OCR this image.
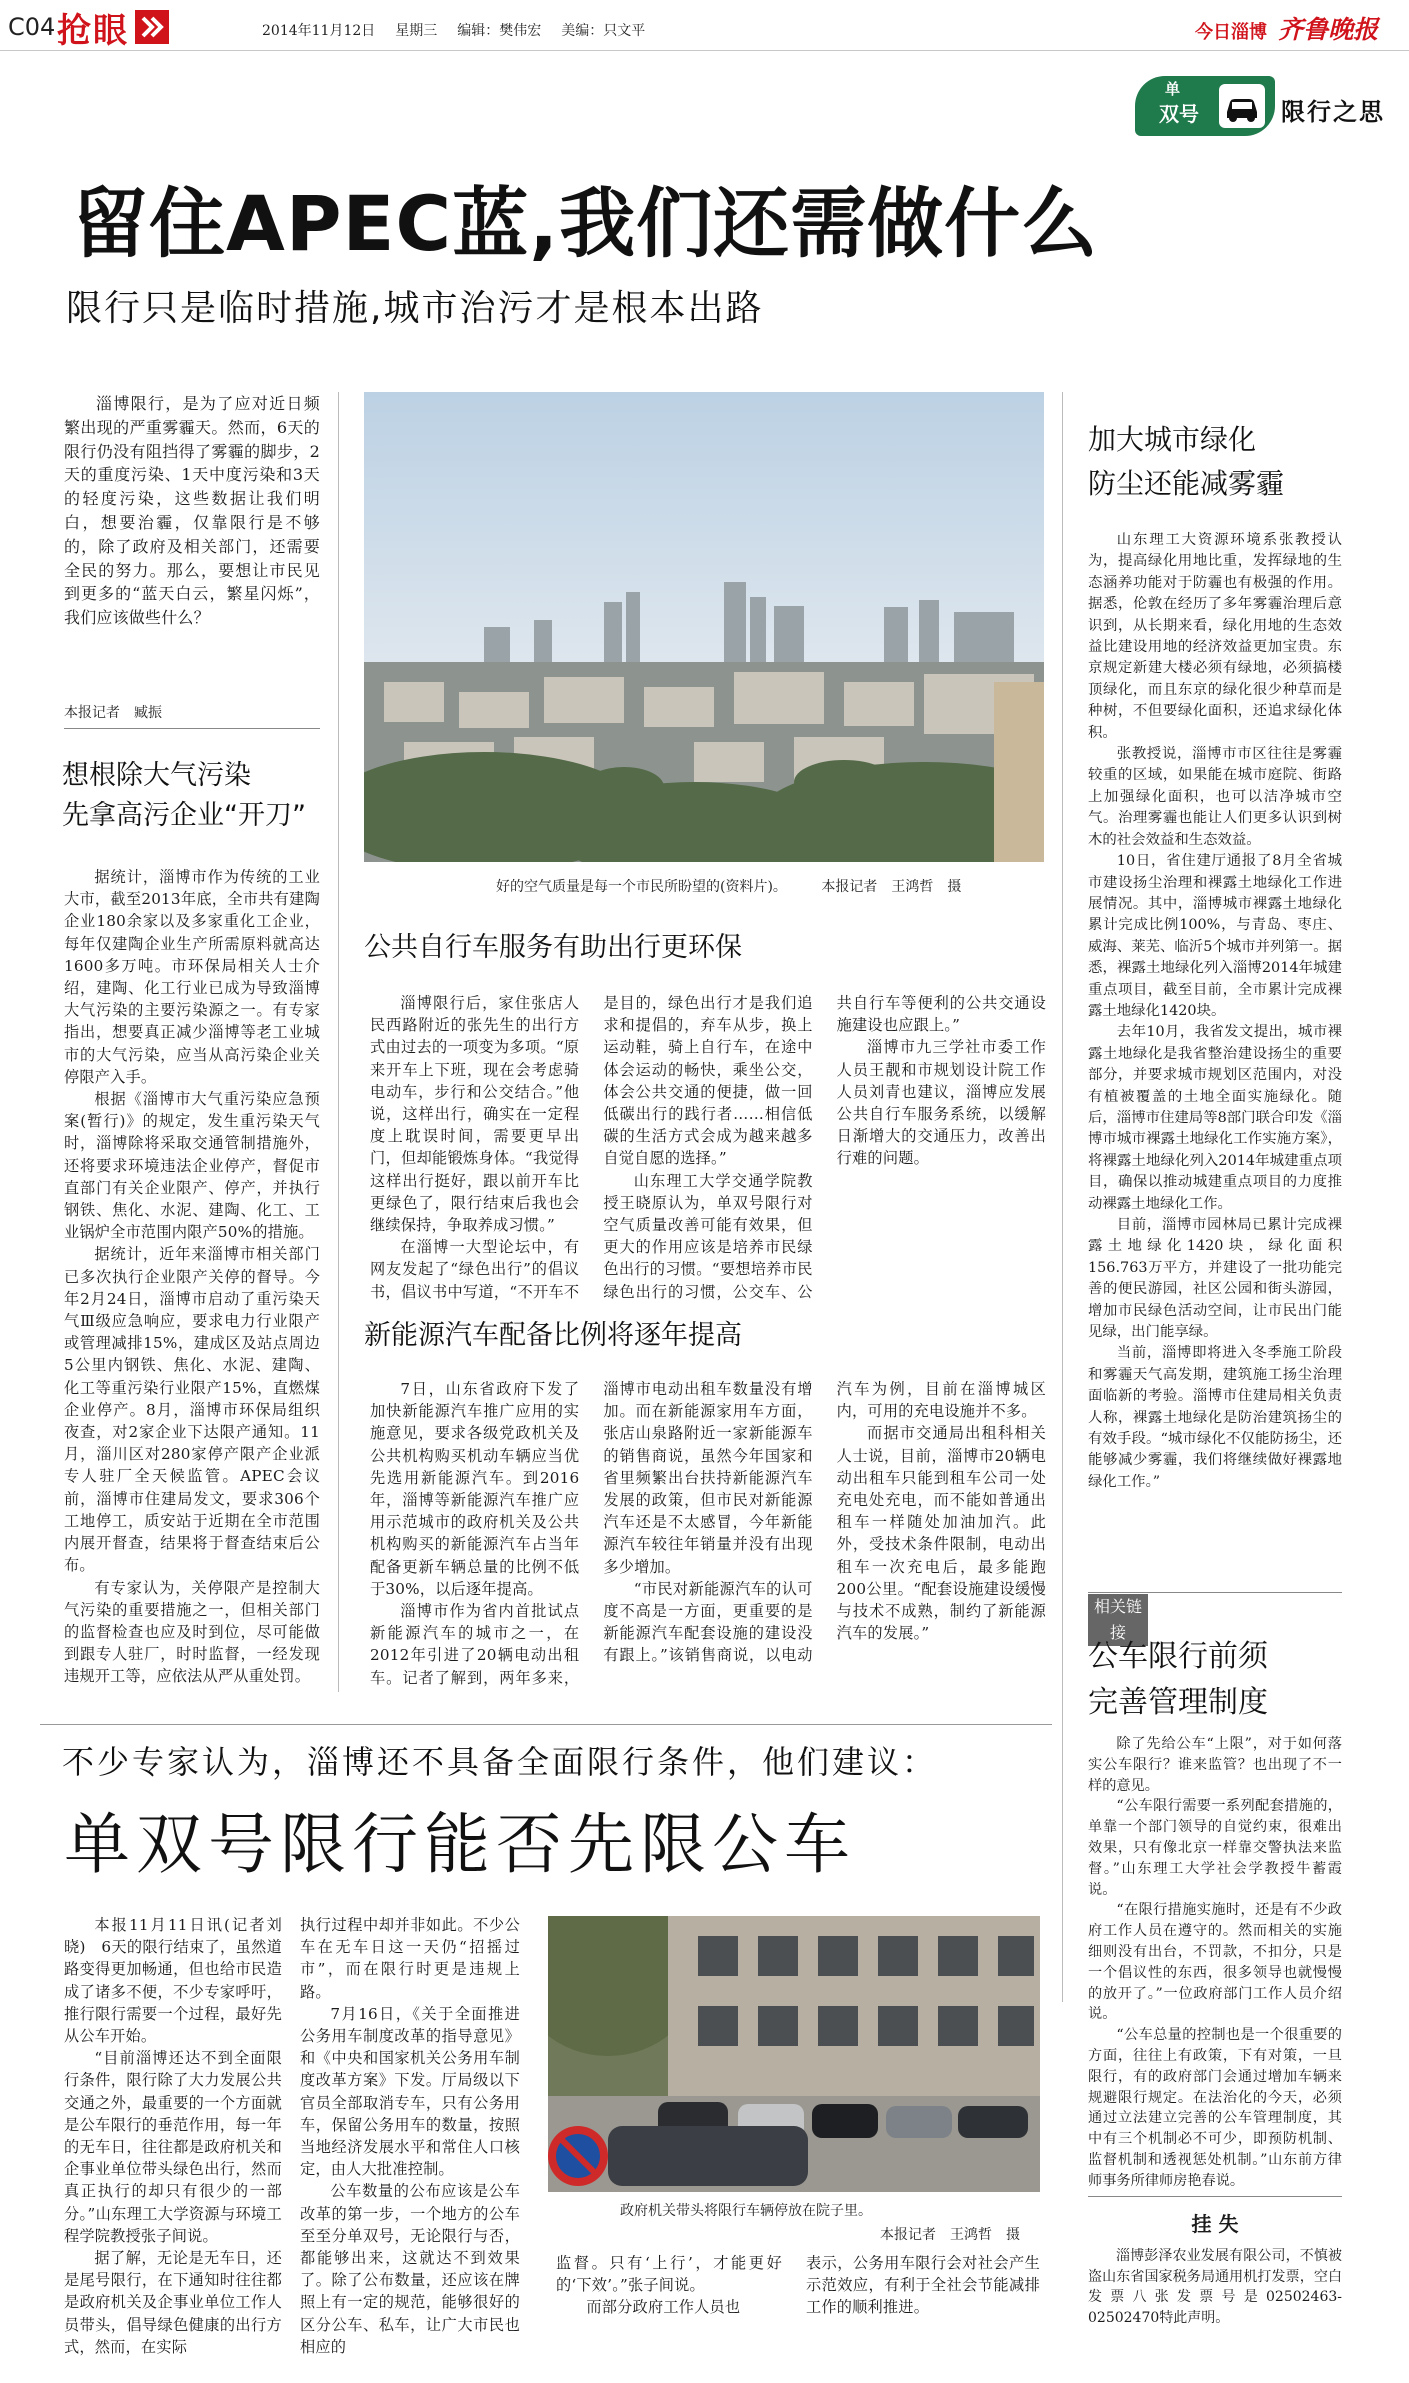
C04 抢眼	2014年11月12日 星期三 编辑：樊伟宏 美编：只文平	今日淄博 齐鲁晚报
单
双号	限行之思
留住APEC蓝,我们还需做什么
限行只是临时措施,城市治污才是根本出路

淄博限行，是为了应对近日频繁出现的严重雾霾天。然而，6天的限行仍没有阻挡得了雾霾的脚步，2天的重度污染、1天中度污染和3天的轻度污染，这些数据让我们明白，想要治霾，仅靠限行是不够的，除了政府及相关部门，还需要全民的努力。那么，要想让市民见到更多的“蓝天白云，繁星闪烁”，我们应该做些什么？

本报记者　臧振
想根除大气污染
先拿高污企业“开刀”

据统计，淄博市作为传统的工业大市，截至2013年底，全市共有建陶企业180余家以及多家重化工企业，每年仅建陶企业生产所需原料就高达1600多万吨。市环保局相关人士介绍，建陶、化工行业已成为导致淄博大气污染的主要污染源之一。有专家指出，想要真正减少淄博等老工业城市的大气污染，应当从高污染企业关停限产入手。

根据《淄博市大气重污染应急预案(暂行)》的规定，发生重污染天气时，淄博除将采取交通管制措施外，还将要求环境违法企业停产，督促市直部门有关企业限产、停产，并执行钢铁、焦化、水泥、建陶、化工、工业锅炉全市范围内限产50%的措施。

据统计，近年来淄博市相关部门已多次执行企业限产关停的督导。今年2月24日，淄博市启动了重污染天气Ⅲ级应急响应，要求电力行业限产或管理减排15%，建成区及站点周边5公里内钢铁、焦化、水泥、建陶、化工等重污染行业限产15%，直燃煤企业停产。8月，淄博市环保局组织夜查，对2家企业下达限产通知。11月，淄川区对280家停产限产企业派专人驻厂全天候监管。APEC会议前，淄博市住建局发文，要求306个工地停工，质安站于近期在全市范围内展开督查，结果将于督查结束后公布。

有专家认为，关停限产是控制大气污染的重要措施之一，但相关部门的监督检查也应及时到位，尽可能做到跟专人驻厂，时时监督，一经发现违规开工等，应依法从严从重处罚。

好的空气质量是每一个市民所盼望的(资料片)。 本报记者　王鸿哲　摄
公共自行车服务有助出行更环保

淄博限行后，家住张店人民西路附近的张先生的出行方式由过去的一项变为多项。“原来开车上下班，现在会考虑骑电动车，步行和公交结合。”他说，这样出行，确实在一定程度上耽误时间，需要更早出门，但却能锻炼身体。“我觉得这样出行挺好，跟以前开车比更绿色了，限行结束后我也会继续保持，争取养成习惯。”

在淄博一大型论坛中，有网友发起了“绿色出行”的倡议书，倡议书中写道，“不开车不是目的，绿色出行才是我们追求和提倡的，弃车从步，换上运动鞋，骑上自行车，在途中体会运动的畅快，乘坐公交，体会公共交通的便捷，做一回低碳出行的践行者……相信低碳的生活方式会成为越来越多自觉自愿的选择。”

山东理工大学交通学院教授王晓原认为，单双号限行对空气质量改善可能有效果，但更大的作用应该是培养市民绿色出行的习惯。“要想培养市民绿色出行的习惯，公交车、公共自行车等便利的公共交通设施建设也应跟上。”

淄博市九三学社市委工作人员王靓和市规划设计院工作人员刘青也建议，淄博应发展公共自行车服务系统，以缓解日渐增大的交通压力，改善出行难的问题。

新能源汽车配备比例将逐年提高

7日，山东省政府下发了加快新能源汽车推广应用的实施意见，要求各级党政机关及公共机构购买机动车辆应当优先选用新能源汽车。到2016年，淄博等新能源汽车推广应用示范城市的政府机关及公共机构购买的新能源汽车占当年配备更新车辆总量的比例不低于30%，以后逐年提高。

淄博市作为省内首批试点新能源汽车的城市之一，在2012年引进了20辆电动出租车。记者了解到，两年多来，淄博市电动出租车数量没有增加。而在新能源家用车方面，张店山泉路附近一家新能源车的销售商说，虽然今年国家和省里频繁出台扶持新能源汽车发展的政策，但市民对新能源汽车还是不太感冒，今年新能源汽车较往年销量并没有出现多少增加。

“市民对新能源汽车的认可度不高是一方面，更重要的是新能源汽车配套设施的建设没有跟上。”该销售商说，以电动汽车为例，目前在淄博城区内，可用的充电设施并不多。

而据市交通局出租科相关人士说，目前，淄博市20辆电动出租车只能到租车公司一处充电处充电，而不能如普通出租车一样随处加油加汽。此外，受技术条件限制，电动出租车一次充电后，最多能跑200公里。“配套设施建设缓慢与技术不成熟，制约了新能源汽车的发展。”

加大城市绿化
防尘还能减雾霾

山东理工大资源环境系张教授认为，提高绿化用地比重，发挥绿地的生态涵养功能对于防霾也有极强的作用。据悉，伦敦在经历了多年雾霾治理后意识到，从长期来看，绿化用地的生态效益比建设用地的经济效益更加宝贵。东京规定新建大楼必须有绿地，必须搞楼顶绿化，而且东京的绿化很少种草而是种树，不但要绿化面积，还追求绿化体积。

张教授说，淄博市市区往往是雾霾较重的区域，如果能在城市庭院、街路上加强绿化面积，也可以洁净城市空气。治理雾霾也能让人们更多认识到树木的社会效益和生态效益。

10日，省住建厅通报了8月全省城市建设扬尘治理和裸露土地绿化工作进展情况。其中，淄博城市裸露土地绿化累计完成比例100%，与青岛、枣庄、威海、莱芜、临沂5个城市并列第一。据悉，裸露土地绿化列入淄博2014年城建重点项目，截至目前，全市累计完成裸露土地绿化1420块。

去年10月，我省发文提出，城市裸露土地绿化是我省整治建设扬尘的重要部分，并要求城市规划区范围内，对没有植被覆盖的土地全面实施绿化。随后，淄博市住建局等8部门联合印发《淄博市城市裸露土地绿化工作实施方案》，将裸露土地绿化列入2014年城建重点项目，确保以推动城建重点项目的力度推动裸露土地绿化工作。

目前，淄博市园林局已累计完成裸露土地绿化1420块，绿化面积156.763万平方，并建设了一批功能完善的便民游园，社区公园和街头游园，增加市民绿色活动空间，让市民出门能见绿，出门能享绿。

当前，淄博即将进入冬季施工阶段和雾霾天气高发期，建筑施工扬尘治理面临新的考验。淄博市住建局相关负责人称，裸露土地绿化是防治建筑扬尘的有效手段。“城市绿化不仅能防扬尘，还能够减少雾霾，我们将继续做好裸露地绿化工作。”

相关链接
公车限行前须
完善管理制度

除了先给公车“上限”，对于如何落实公车限行？谁来监管？也出现了不一样的意见。

“公车限行需要一系列配套措施的，单靠一个部门领导的自觉约束，很难出效果，只有像北京一样靠交警执法来监督。”山东理工大学社会学教授牛蓄霞说。

“在限行措施实施时，还是有不少政府工作人员在遵守的。然而相关的实施细则没有出台，不罚款，不扣分，只是一个倡议性的东西，很多领导也就慢慢的放开了。”一位政府部门工作人员介绍说。

“公车总量的控制也是一个很重要的方面，往往上有政策，下有对策，一旦限行，有的政府部门会通过增加车辆来规避限行规定。在法治化的今天，必须通过立法建立完善的公车管理制度，其中有三个机制必不可少，即预防机制、监督机制和透视惩处机制。”山东前方律师事务所律师房艳春说。

挂 失

淄博彭泽农业发展有限公司，不慎被盗山东省国家税务局通用机打发票，空白发票八张发票号是02502463-02502470特此声明。

不少专家认为，淄博还不具备全面限行条件，他们建议：
单双号限行能否先限公车

本报11月11日讯(记者刘晓)　6天的限行结束了，虽然道路变得更加畅通，但也给市民造成了诸多不便，不少专家呼吁，推行限行需要一个过程，最好先从公车开始。

“目前淄博还达不到全面限行条件，限行除了大力发展公共交通之外，最重要的一个方面就是公车限行的垂范作用，每一年的无车日，往往都是政府机关和企事业单位带头绿色出行，然而真正执行的却只有很少的一部分。”山东理工大学资源与环境工程学院教授张子间说。

据了解，无论是无车日，还是尾号限行，在下通知时往往都是政府机关及企事业单位工作人员带头，倡导绿色健康的出行方式，然而，在实际

执行过程中却并非如此。不少公车在无车日这一天仍“招摇过市”，而在限行时更是违规上路。

7月16日，《关于全面推进公务用车制度改革的指导意见》和《中央和国家机关公务用车制度改革方案》下发。厅局级以下官员全部取消专车，只有公务用车，保留公务用车的数量，按照当地经济发展水平和常住人口核定，由人大批准控制。

公车数量的公布应该是公车改革的第一步，一个地方的公车至至分单双号，无论限行与否，都能够出来，这就达不到效果了。除了公布数量，还应该在牌照上有一定的规范，能够很好的区分公车、私车，让广大市民也相应的

政府机关带头将限行车辆停放在院子里。
本报记者　王鸿哲　摄

监督。只有‘上行’，才能更好的‘下效’。”张子间说。

而部分政府工作人员也

表示，公务用车限行会对社会产生示范效应，有利于全社会节能减排工作的顺利推进。
